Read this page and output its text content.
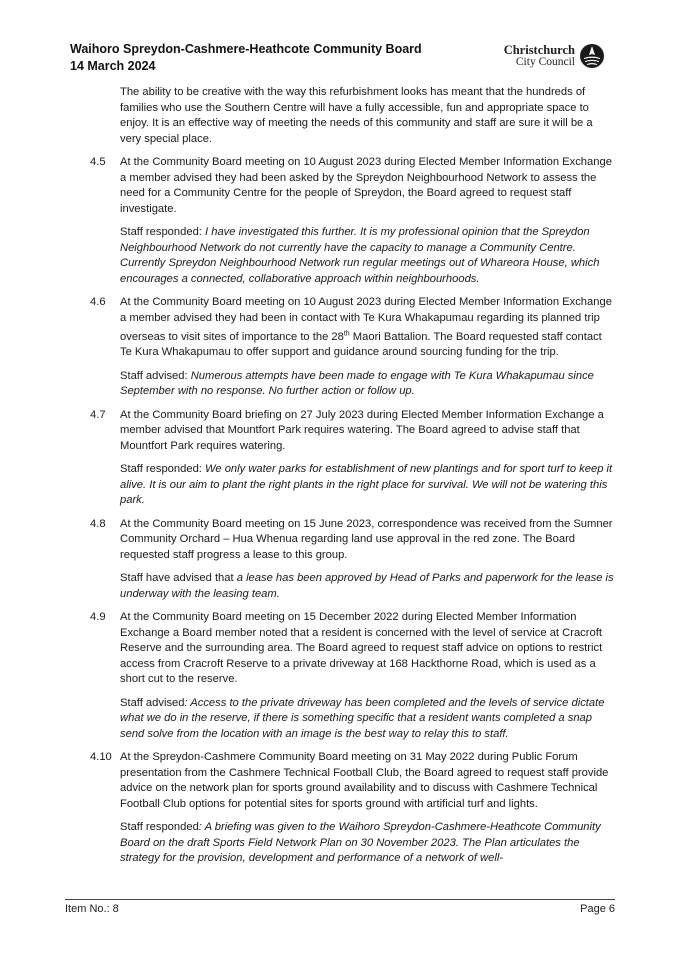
Waihoro Spreydon-Cashmere-Heathcote Community Board
14 March 2024
Christchurch
City Council

The ability to be creative with the way this refurbishment looks has meant that the hundreds of families who use the Southern Centre will have a fully accessible, fun and appropriate space to enjoy. It is an effective way of meeting the needs of this community and staff are sure it will be a very special place.

4.5 At the Community Board meeting on 10 August 2023 during Elected Member Information Exchange a member advised they had been asked by the Spreydon Neighbourhood Network to assess the need for a Community Centre for the people of Spreydon, the Board agreed to request staff investigate.

Staff responded: I have investigated this further. It is my professional opinion that the Spreydon Neighbourhood Network do not currently have the capacity to manage a Community Centre. Currently Spreydon Neighbourhood Network run regular meetings out of Whareora House, which encourages a connected, collaborative approach within neighbourhoods.

4.6 At the Community Board meeting on 10 August 2023 during Elected Member Information Exchange a member advised they had been in contact with Te Kura Whakapumau regarding its planned trip overseas to visit sites of importance to the 28th Maori Battalion. The Board requested staff contact Te Kura Whakapumau to offer support and guidance around sourcing funding for the trip.

Staff advised: Numerous attempts have been made to engage with Te Kura Whakapumau since September with no response. No further action or follow up.

4.7 At the Community Board briefing on 27 July 2023 during Elected Member Information Exchange a member advised that Mountfort Park requires watering. The Board agreed to advise staff that Mountfort Park requires watering.

Staff responded: We only water parks for establishment of new plantings and for sport turf to keep it alive. It is our aim to plant the right plants in the right place for survival. We will not be watering this park.

4.8 At the Community Board meeting on 15 June 2023, correspondence was received from the Sumner Community Orchard – Hua Whenua regarding land use approval in the red zone. The Board requested staff progress a lease to this group.

Staff have advised that a lease has been approved by Head of Parks and paperwork for the lease is underway with the leasing team.

4.9 At the Community Board meeting on 15 December 2022 during Elected Member Information Exchange a Board member noted that a resident is concerned with the level of service at Cracroft Reserve and the surrounding area. The Board agreed to request staff advice on options to restrict access from Cracroft Reserve to a private driveway at 168 Hackthorne Road, which is used as a short cut to the reserve.

Staff advised: Access to the private driveway has been completed and the levels of service dictate what we do in the reserve, if there is something specific that a resident wants completed a snap send solve from the location with an image is the best way to relay this to staff.

4.10 At the Spreydon-Cashmere Community Board meeting on 31 May 2022 during Public Forum presentation from the Cashmere Technical Football Club, the Board agreed to request staff provide advice on the network plan for sports ground availability and to discuss with Cashmere Technical Football Club options for potential sites for sports ground with artificial turf and lights.

Staff responded: A briefing was given to the Waihoro Spreydon-Cashmere-Heathcote Community Board on the draft Sports Field Network Plan on 30 November 2023. The Plan articulates the strategy for the provision, development and performance of a network of well-

Item No.: 8	Page 6
